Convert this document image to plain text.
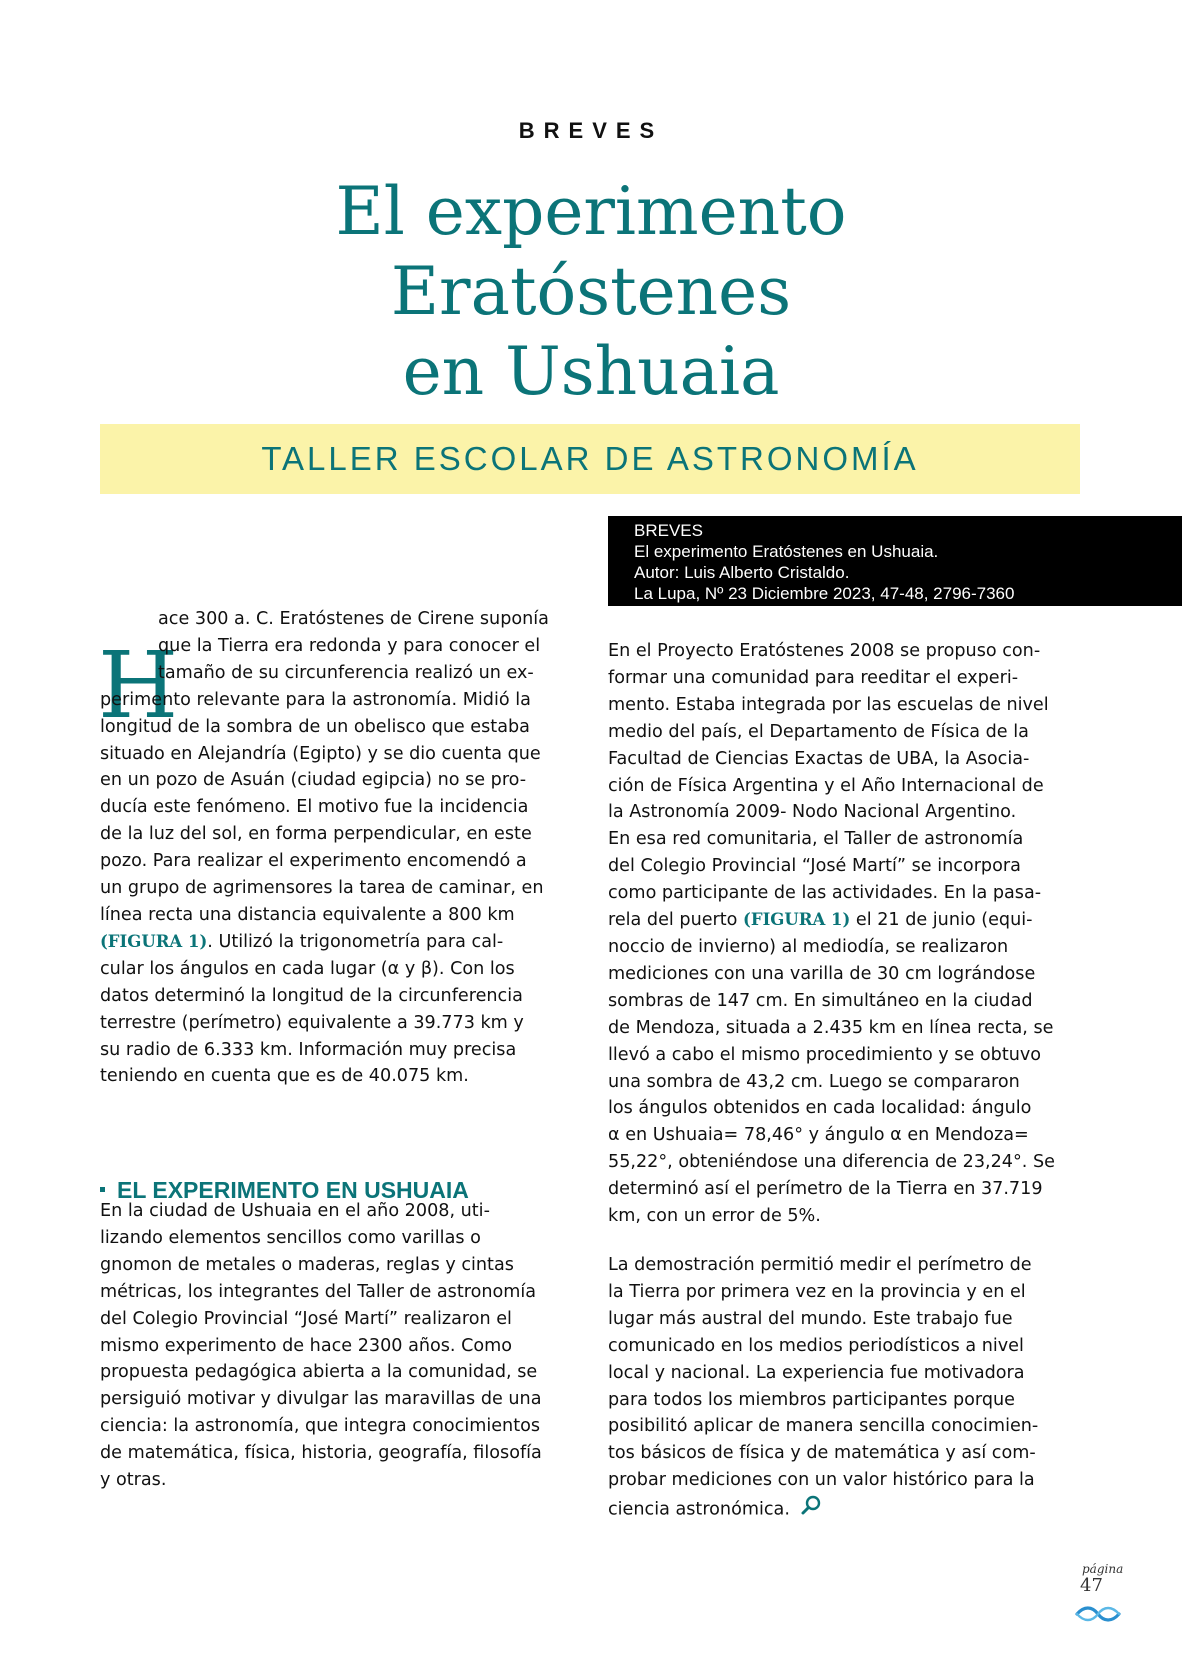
BREVES
El experimento
Eratóstenes
en Ushuaia
TALLER ESCOLAR DE ASTRONOMÍA
BREVES
El experimento Eratóstenes en Ushuaia.
Autor: Luis Alberto Cristaldo.
La Lupa, Nº 23 Diciembre 2023, 47-48, 2796-7360
H
ace 300 a. C. Eratóstenes de Cirene suponía
que la Tierra era redonda y para conocer el
tamaño de su circunferencia realizó un ex-
perimento relevante para la astronomía. Midió la
longitud de la sombra de un obelisco que estaba
situado en Alejandría (Egipto) y se dio cuenta que
en un pozo de Asuán (ciudad egipcia) no se pro-
ducía este fenómeno. El motivo fue la incidencia
de la luz del sol, en forma perpendicular, en este
pozo. Para realizar el experimento encomendó a
un grupo de agrimensores la tarea de caminar, en
línea recta una distancia equivalente a 800 km
(FIGURA 1). Utilizó la trigonometría para cal-
cular los ángulos en cada lugar (α y β). Con los
datos determinó la longitud de la circunferencia
terrestre (perímetro) equivalente a 39.773 km y
su radio de 6.333 km. Información muy precisa
teniendo en cuenta que es de 40.075 km.
EL EXPERIMENTO EN USHUAIA
En la ciudad de Ushuaia en el año 2008, uti-
lizando elementos sencillos como varillas o
gnomon de metales o maderas, reglas y cintas
métricas, los integrantes del Taller de astronomía
del Colegio Provincial “José Martí” realizaron el
mismo experimento de hace 2300 años. Como
propuesta pedagógica abierta a la comunidad, se
persiguió motivar y divulgar las maravillas de una
ciencia: la astronomía, que integra conocimientos
de matemática, física, historia, geografía, filosofía
y otras.
En el Proyecto Eratóstenes 2008 se propuso con-
formar una comunidad para reeditar el experi-
mento. Estaba integrada por las escuelas de nivel
medio del país, el Departamento de Física de la
Facultad de Ciencias Exactas de UBA, la Asocia-
ción de Física Argentina y el Año Internacional de
la Astronomía 2009- Nodo Nacional Argentino.
En esa red comunitaria, el Taller de astronomía
del Colegio Provincial “José Martí” se incorpora
como participante de las actividades. En la pasa-
rela del puerto (FIGURA 1) el 21 de junio (equi-
noccio de invierno) al mediodía, se realizaron
mediciones con una varilla de 30 cm lográndose
sombras de 147 cm. En simultáneo en la ciudad
de Mendoza, situada a 2.435 km en línea recta, se
llevó a cabo el mismo procedimiento y se obtuvo
una sombra de 43,2 cm. Luego se compararon
los ángulos obtenidos en cada localidad: ángulo
α en Ushuaia= 78,46° y ángulo α en Mendoza=
55,22°, obteniéndose una diferencia de 23,24°. Se
determinó así el perímetro de la Tierra en 37.719
km, con un error de 5%.
La demostración permitió medir el perímetro de
la Tierra por primera vez en la provincia y en el
lugar más austral del mundo. Este trabajo fue
comunicado en los medios periodísticos a nivel
local y nacional. La experiencia fue motivadora
para todos los miembros participantes porque
posibilitó aplicar de manera sencilla conocimien-
tos básicos de física y de matemática y así com-
probar mediciones con un valor histórico para la
ciencia astronómica.
página
47
